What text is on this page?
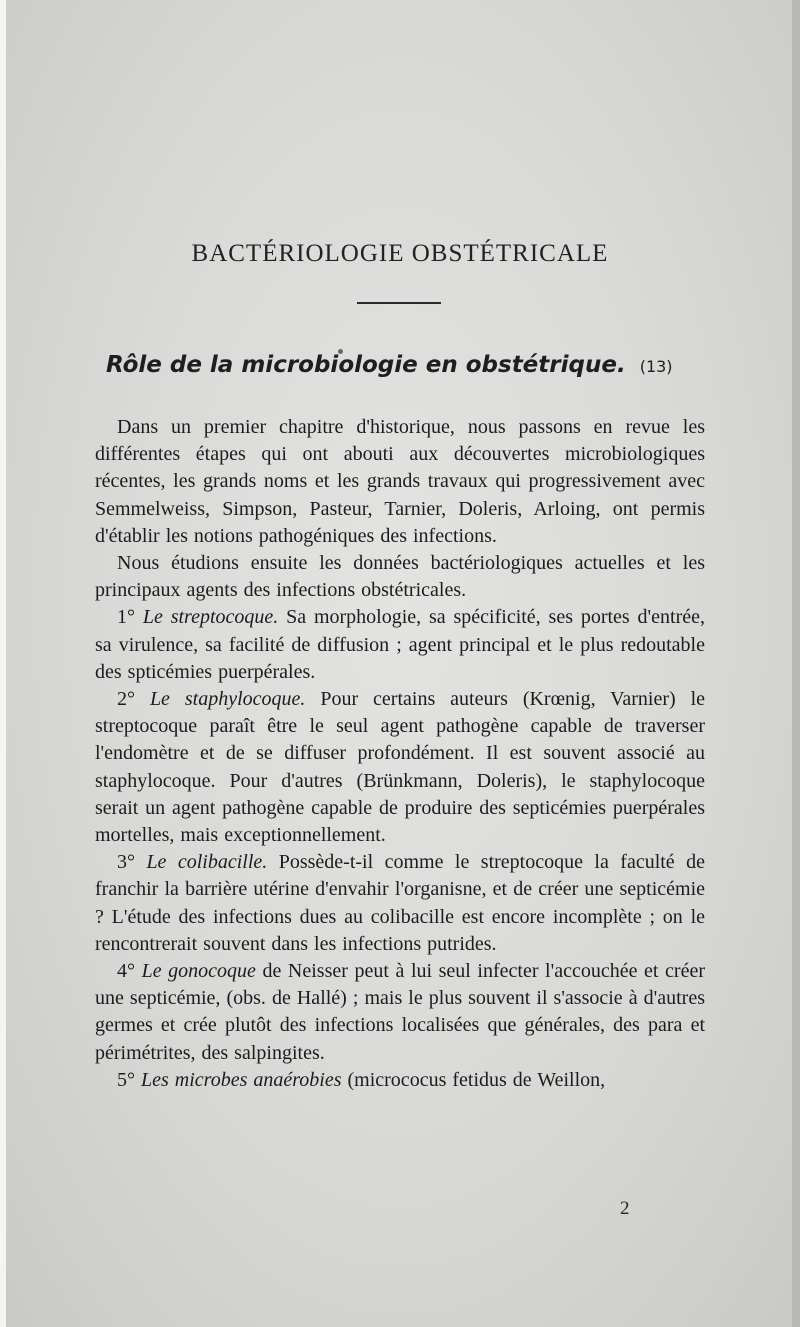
BACTÉRIOLOGIE OBSTÉTRICALE
Rôle de la microbiologie en obstétrique. (13)

Dans un premier chapitre d'historique, nous passons en revue les différentes étapes qui ont abouti aux découvertes microbiologiques récentes, les grands noms et les grands travaux qui progressivement avec Semmelweiss, Simpson, Pasteur, Tarnier, Doleris, Arloing, ont permis d'établir les notions pathogéniques des infections.

Nous étudions ensuite les données bactériologiques actuelles et les principaux agents des infections obstétricales.

1° Le streptocoque. Sa morphologie, sa spécificité, ses portes d'entrée, sa virulence, sa facilité de diffusion ; agent principal et le plus redoutable des spticémies puerpérales.

2° Le staphylocoque. Pour certains auteurs (Krœnig, Varnier) le streptocoque paraît être le seul agent pathogène capable de traverser l'endomètre et de se diffuser profondément. Il est souvent associé au staphylocoque. Pour d'autres (Brünkmann, Doleris), le staphylocoque serait un agent pathogène capable de produire des septicémies puerpérales mortelles, mais exceptionnellement.

3° Le colibacille. Possède-t-il comme le streptocoque la faculté de franchir la barrière utérine d'envahir l'organisne, et de créer une septicémie ? L'étude des infections dues au colibacille est encore incomplète ; on le rencontrerait souvent dans les infections putrides.

4° Le gonocoque de Neisser peut à lui seul infecter l'accouchée et créer une septicémie, (obs. de Hallé) ; mais le plus souvent il s'associe à d'autres germes et crée plutôt des infections localisées que générales, des para et périmétrites, des salpingites.

5° Les microbes anaérobies (micrococus fetidus de Weillon,

2
